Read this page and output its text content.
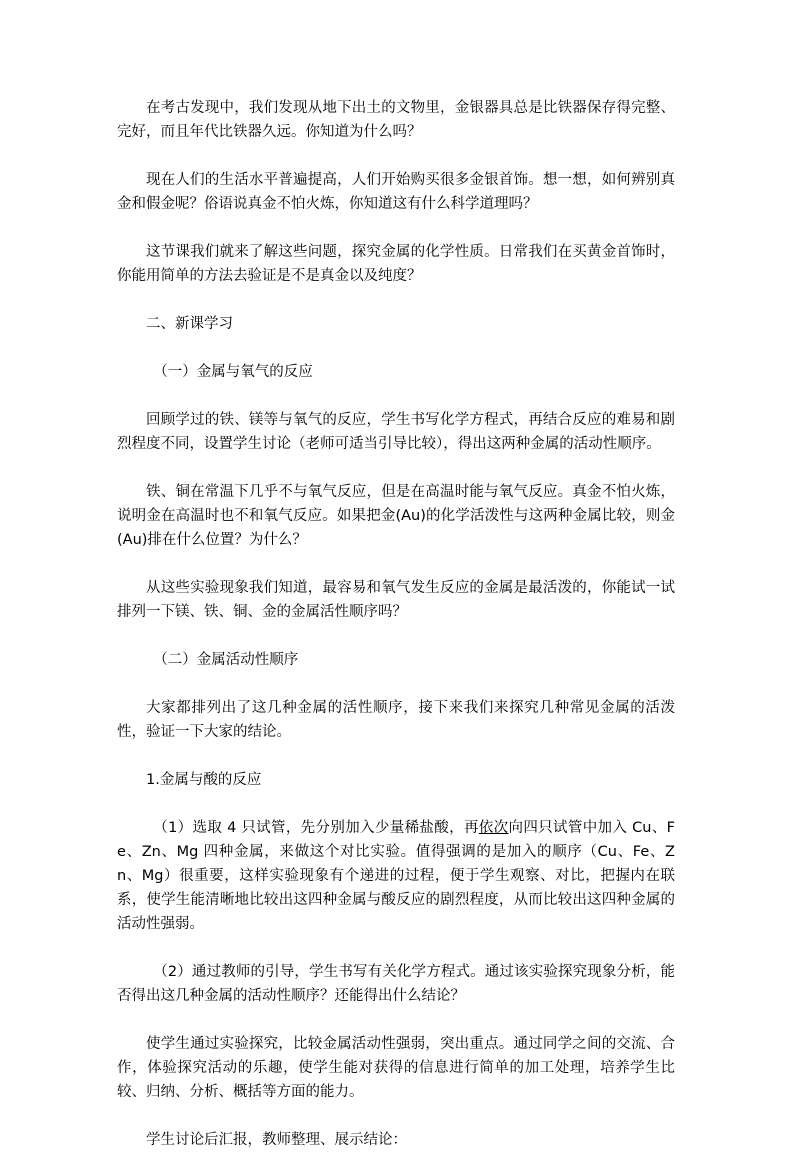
在考古发现中，我们发现从地下出土的文物里，金银器具总是比铁器保存得完整、完好，而且年代比铁器久远。你知道为什么吗？

现在人们的生活水平普遍提高，人们开始购买很多金银首饰。想一想，如何辨别真金和假金呢？俗语说真金不怕火炼，你知道这有什么科学道理吗？

这节课我们就来了解这些问题，探究金属的化学性质。日常我们在买黄金首饰时，你能用简单的方法去验证是不是真金以及纯度？

二、新课学习

（一）金属与氧气的反应

回顾学过的铁、镁等与氧气的反应，学生书写化学方程式，再结合反应的难易和剧烈程度不同，设置学生讨论（老师可适当引导比较），得出这两种金属的活动性顺序。

铁、铜在常温下几乎不与氧气反应，但是在高温时能与氧气反应。真金不怕火炼，说明金在高温时也不和氧气反应。如果把金(Au)的化学活泼性与这两种金属比较，则金(Au)排在什么位置？为什么？

从这些实验现象我们知道，最容易和氧气发生反应的金属是最活泼的，你能试一试排列一下镁、铁、铜、金的金属活性顺序吗？

（二）金属活动性顺序

大家都排列出了这几种金属的活性顺序，接下来我们来探究几种常见金属的活泼性，验证一下大家的结论。

1.金属与酸的反应

（1）选取 4 只试管，先分别加入少量稀盐酸，再依次向四只试管中加入 Cu、Fe、Zn、Mg 四种金属，来做这个对比实验。值得强调的是加入的顺序（Cu、Fe、Zn、Mg）很重要，这样实验现象有个递进的过程，便于学生观察、对比，把握内在联系，使学生能清晰地比较出这四种金属与酸反应的剧烈程度，从而比较出这四种金属的活动性强弱。

（2）通过教师的引导，学生书写有关化学方程式。通过该实验探究现象分析，能否得出这几种金属的活动性顺序？还能得出什么结论？

使学生通过实验探究，比较金属活动性强弱，突出重点。通过同学之间的交流、合作，体验探究活动的乐趣，使学生能对获得的信息进行简单的加工处理，培养学生比较、归纳、分析、概括等方面的能力。

学生讨论后汇报，教师整理、展示结论：
